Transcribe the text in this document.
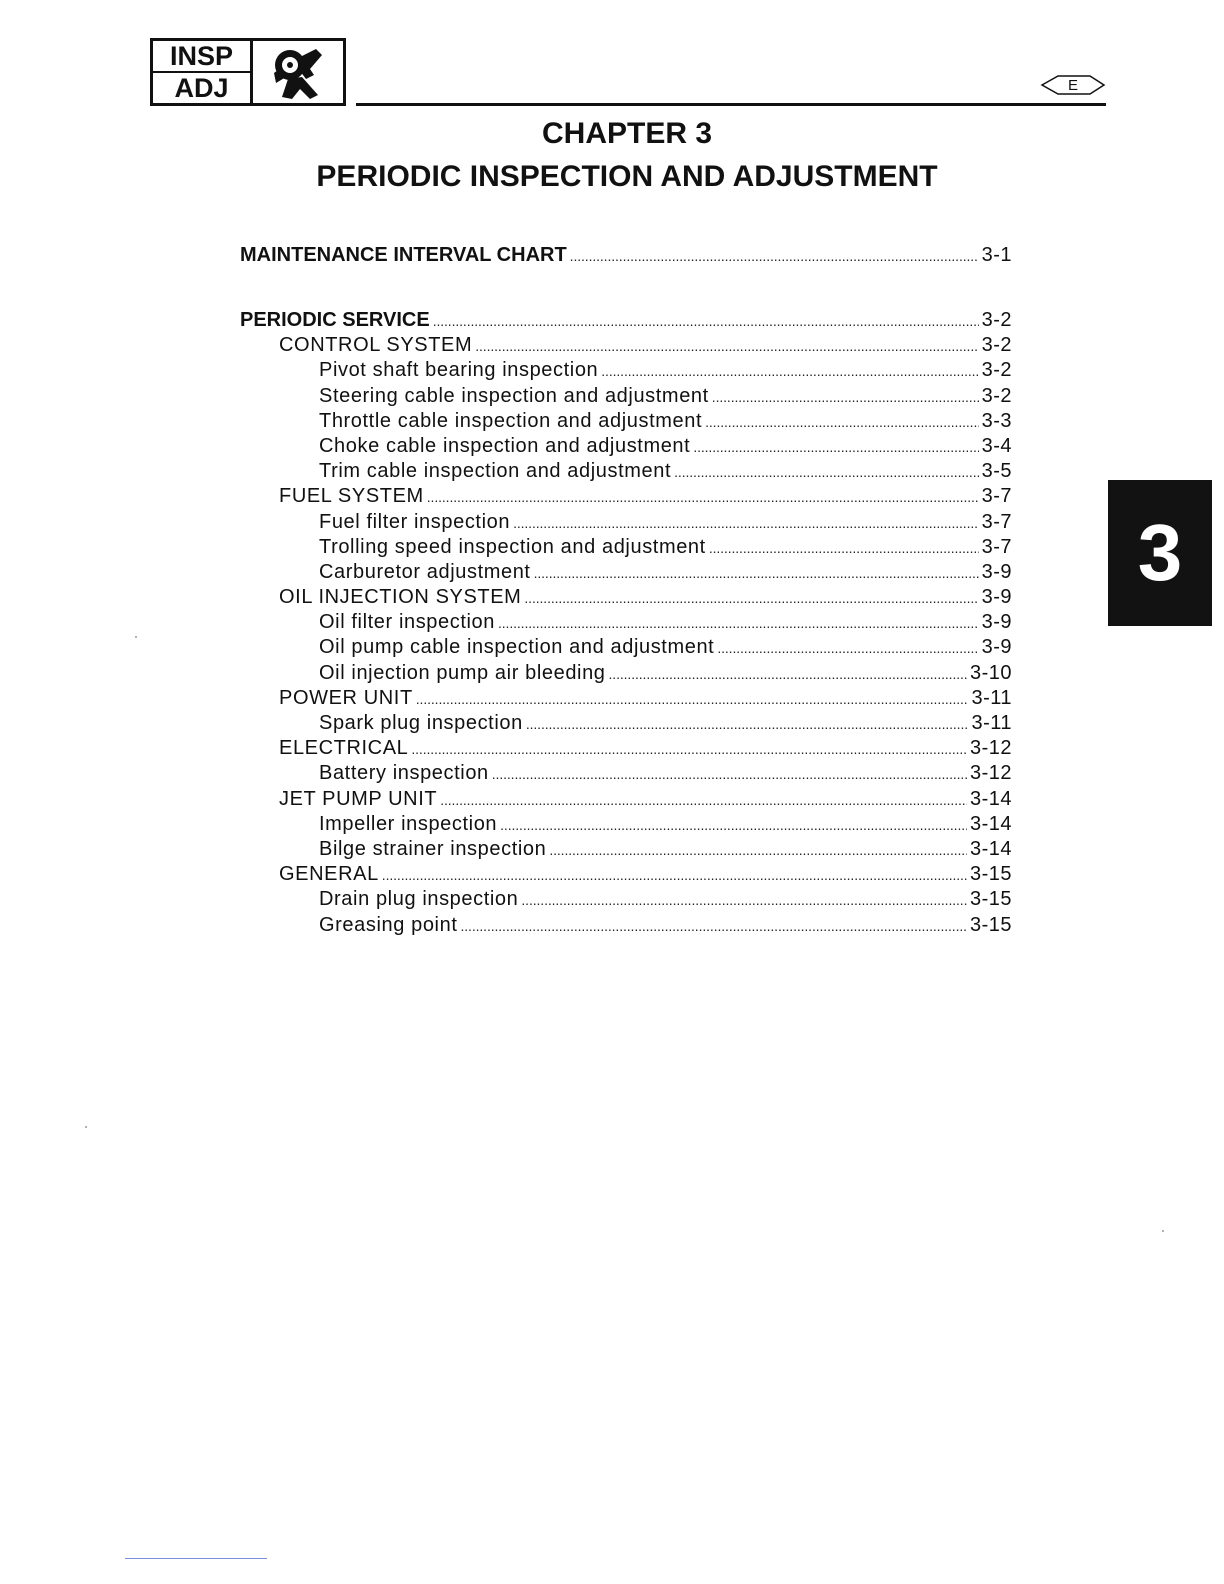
INSP
ADJ	E
CHAPTER 3
PERIODIC INSPECTION AND ADJUSTMENT
MAINTENANCE INTERVAL CHART . . .	3-1
PERIODIC SERVICE . . .	3-2
CONTROL SYSTEM . . .	3-2
Pivot shaft bearing inspection . . .	3-2
Steering cable inspection and adjustment . . .	3-2
Throttle cable inspection and adjustment . . .	3-3
Choke cable inspection and adjustment . . .	3-4
Trim cable inspection and adjustment . . .	3-5
FUEL SYSTEM . . .	3-7
Fuel filter inspection . . .	3-7
Trolling speed inspection and adjustment . . .	3-7
Carburetor adjustment . . .	3-9
OIL INJECTION SYSTEM . . .	3-9
Oil filter inspection . . .	3-9
Oil pump cable inspection and adjustment . . .	3-9
Oil injection pump air bleeding . . .	3-10
POWER UNIT . . .	3-11
Spark plug inspection . . .	3-11
ELECTRICAL . . .	3-12
Battery inspection . . .	3-12
JET PUMP UNIT . . .	3-14
Impeller inspection . . .	3-14
Bilge strainer inspection . . .	3-14
GENERAL . . .	3-15
Drain plug inspection . . .	3-15
Greasing point . . .	3-15
3
